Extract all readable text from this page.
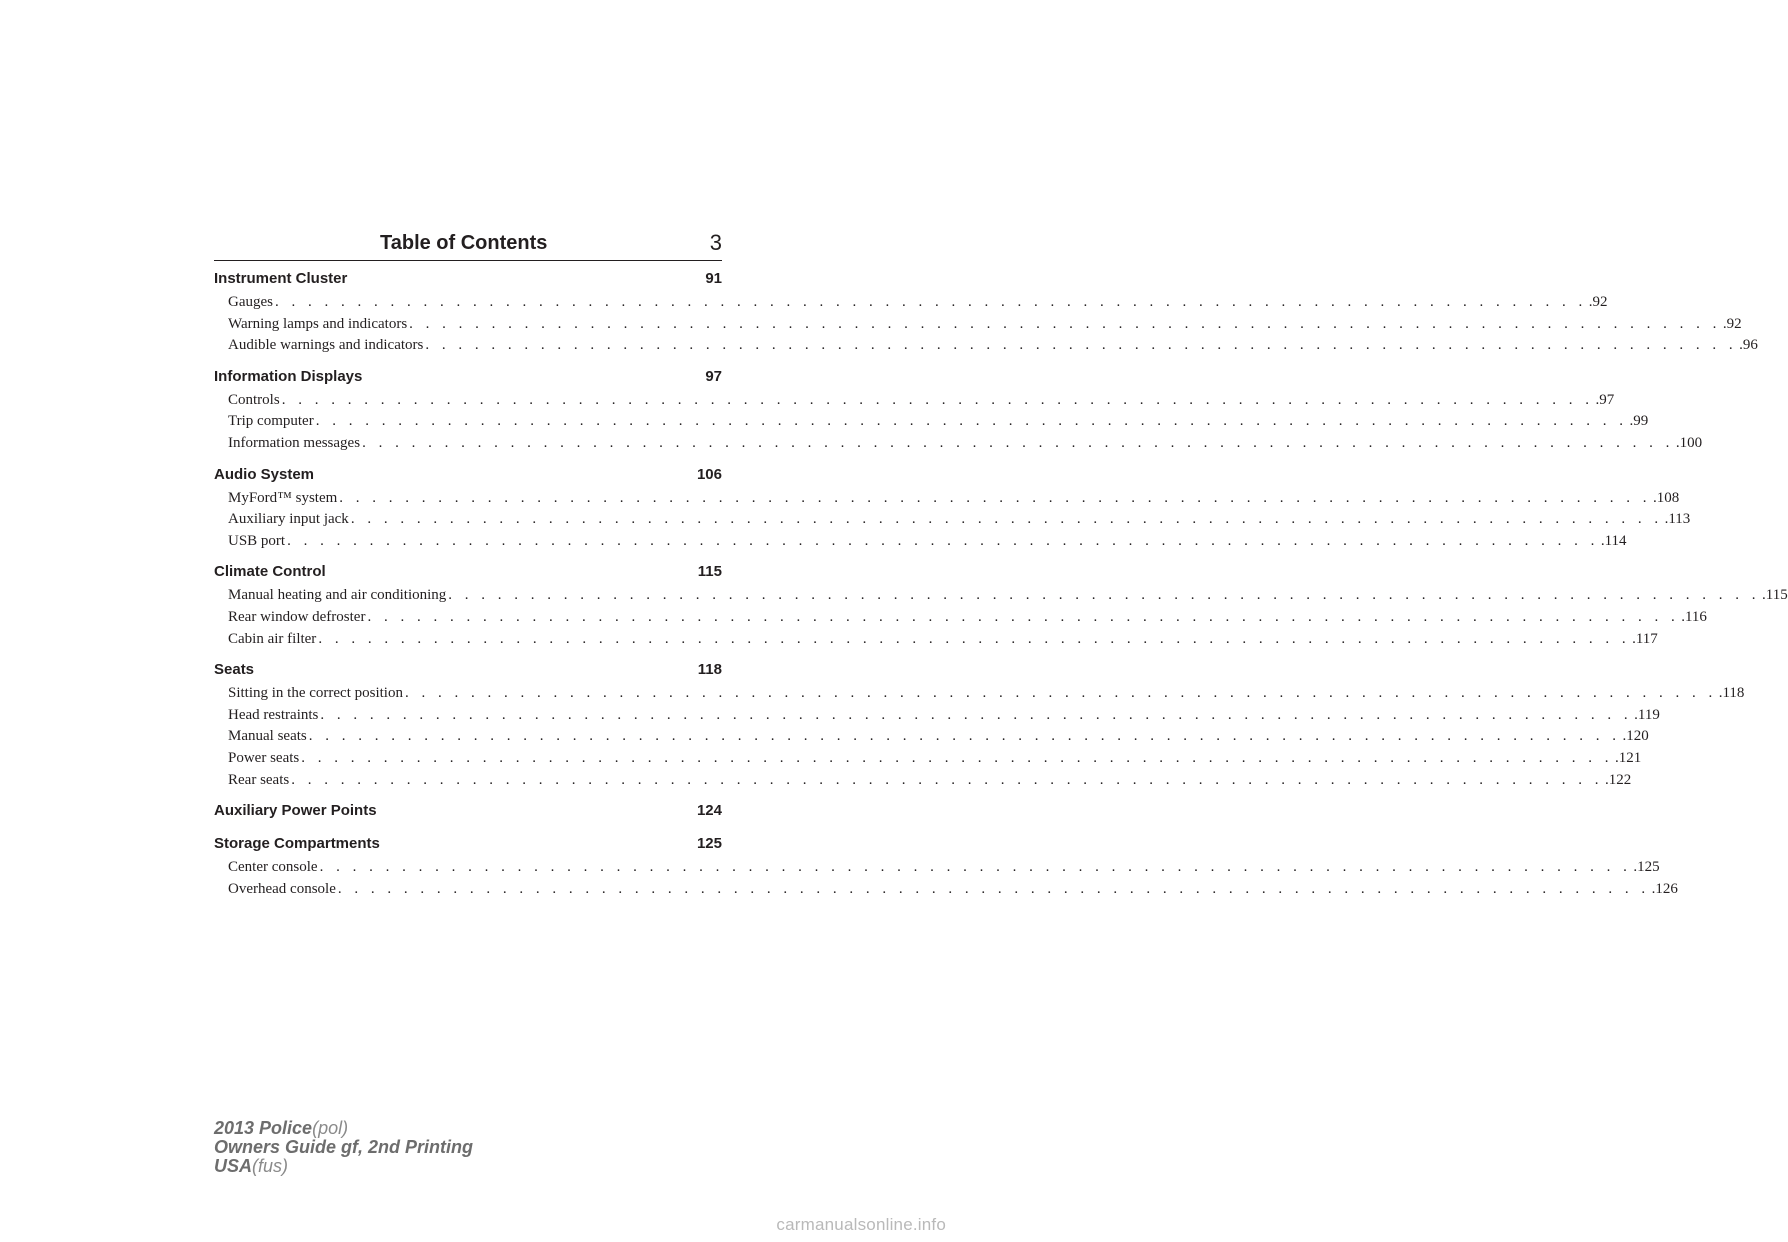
Table of Contents	3
Instrument Cluster	91
Gauges . . . . . . . . . . . . . . . . . . . . . . . . . . . . . . . . . . . . . . . . . . . . . . . . . . . . . . . . . . . . . . . . . . . . . . . . . . . . . . . . .92
Warning lamps and indicators . . . . . . . . . . . . . . . . . . . . . . . . . . . . . . . . . . . . . . . . . . . . . . . . . . . . . . . . . . . . . . . . . . . . . . . . . . . . . . . . .92
Audible warnings and indicators . . . . . . . . . . . . . . . . . . . . . . . . . . . . . . . . . . . . . . . . . . . . . . . . . . . . . . . . . . . . . . . . . . . . . . . . . . . . . . . . .96
Information Displays	97
Controls . . . . . . . . . . . . . . . . . . . . . . . . . . . . . . . . . . . . . . . . . . . . . . . . . . . . . . . . . . . . . . . . . . . . . . . . . . . . . . . . .97
Trip computer . . . . . . . . . . . . . . . . . . . . . . . . . . . . . . . . . . . . . . . . . . . . . . . . . . . . . . . . . . . . . . . . . . . . . . . . . . . . . . . . .99
Information messages . . . . . . . . . . . . . . . . . . . . . . . . . . . . . . . . . . . . . . . . . . . . . . . . . . . . . . . . . . . . . . . . . . . . . . . . . . . . . . . . .100
Audio System	106
MyFord™ system . . . . . . . . . . . . . . . . . . . . . . . . . . . . . . . . . . . . . . . . . . . . . . . . . . . . . . . . . . . . . . . . . . . . . . . . . . . . . . . . .108
Auxiliary input jack . . . . . . . . . . . . . . . . . . . . . . . . . . . . . . . . . . . . . . . . . . . . . . . . . . . . . . . . . . . . . . . . . . . . . . . . . . . . . . . . .113
USB port . . . . . . . . . . . . . . . . . . . . . . . . . . . . . . . . . . . . . . . . . . . . . . . . . . . . . . . . . . . . . . . . . . . . . . . . . . . . . . . . .114
Climate Control	115
Manual heating and air conditioning . . . . . . . . . . . . . . . . . . . . . . . . . . . . . . . . . . . . . . . . . . . . . . . . . . . . . . . . . . . . . . . . . . . . . . . . . . . . . . . . .115
Rear window defroster . . . . . . . . . . . . . . . . . . . . . . . . . . . . . . . . . . . . . . . . . . . . . . . . . . . . . . . . . . . . . . . . . . . . . . . . . . . . . . . . .116
Cabin air filter . . . . . . . . . . . . . . . . . . . . . . . . . . . . . . . . . . . . . . . . . . . . . . . . . . . . . . . . . . . . . . . . . . . . . . . . . . . . . . . . .117
Seats	118
Sitting in the correct position . . . . . . . . . . . . . . . . . . . . . . . . . . . . . . . . . . . . . . . . . . . . . . . . . . . . . . . . . . . . . . . . . . . . . . . . . . . . . . . . .118
Head restraints . . . . . . . . . . . . . . . . . . . . . . . . . . . . . . . . . . . . . . . . . . . . . . . . . . . . . . . . . . . . . . . . . . . . . . . . . . . . . . . . .119
Manual seats . . . . . . . . . . . . . . . . . . . . . . . . . . . . . . . . . . . . . . . . . . . . . . . . . . . . . . . . . . . . . . . . . . . . . . . . . . . . . . . . .120
Power seats . . . . . . . . . . . . . . . . . . . . . . . . . . . . . . . . . . . . . . . . . . . . . . . . . . . . . . . . . . . . . . . . . . . . . . . . . . . . . . . . .121
Rear seats . . . . . . . . . . . . . . . . . . . . . . . . . . . . . . . . . . . . . . . . . . . . . . . . . . . . . . . . . . . . . . . . . . . . . . . . . . . . . . . . .122
Auxiliary Power Points	124
Storage Compartments	125
Center console . . . . . . . . . . . . . . . . . . . . . . . . . . . . . . . . . . . . . . . . . . . . . . . . . . . . . . . . . . . . . . . . . . . . . . . . . . . . . . . . .125
Overhead console . . . . . . . . . . . . . . . . . . . . . . . . . . . . . . . . . . . . . . . . . . . . . . . . . . . . . . . . . . . . . . . . . . . . . . . . . . . . . . . . .126
2013 Police(pol)
Owners Guide gf, 2nd Printing
USA(fus)
carmanualsonline.info
